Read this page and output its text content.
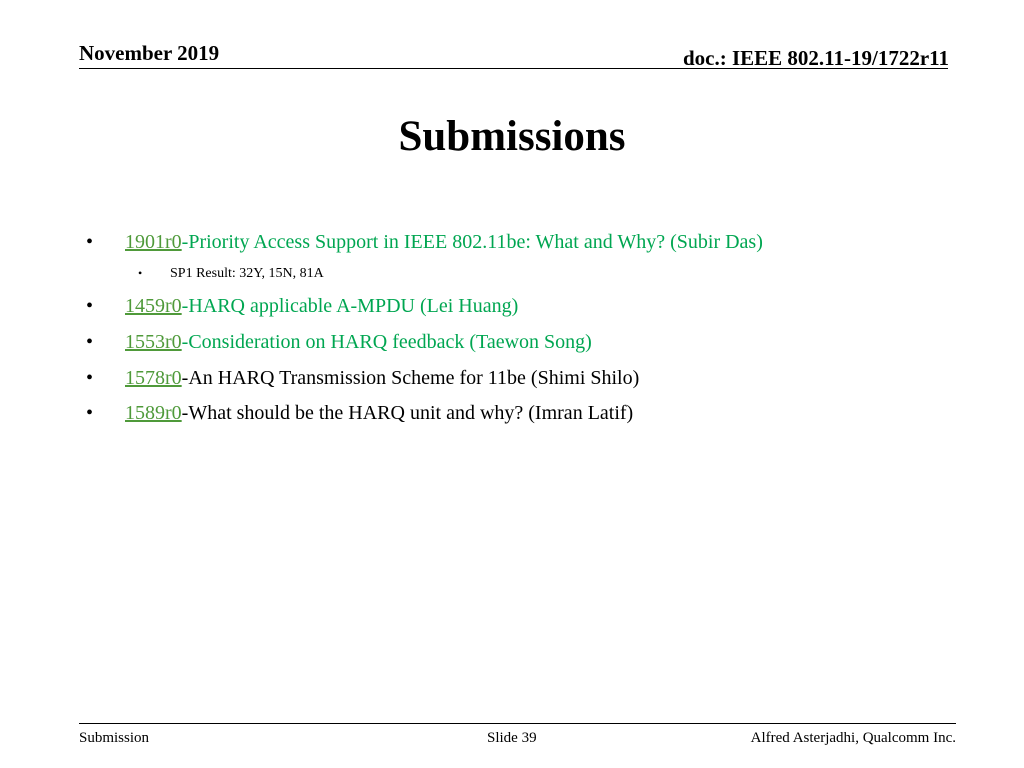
November 2019	doc.: IEEE 802.11-19/1722r11
Submissions
• 1901r0-Priority Access Support in IEEE 802.11be: What and Why? (Subir Das)
• SP1 Result: 32Y, 15N, 81A
• 1459r0-HARQ applicable A-MPDU (Lei Huang)
• 1553r0-Consideration on HARQ feedback (Taewon Song)
• 1578r0-An HARQ Transmission Scheme for 11be (Shimi Shilo)
• 1589r0-What should be the HARQ unit and why? (Imran Latif)
Submission	Slide 39	Alfred Asterjadhi, Qualcomm Inc.
